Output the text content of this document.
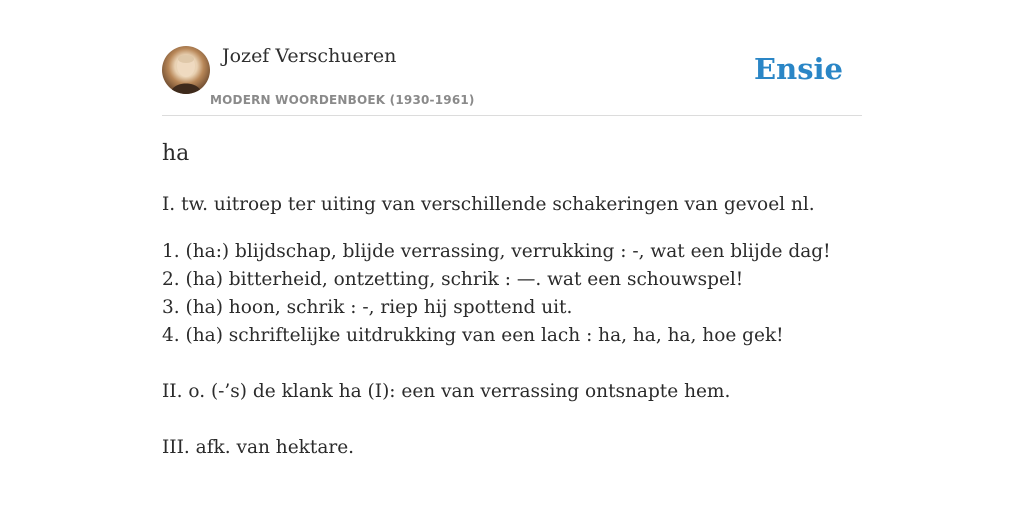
Jozef Verschueren
MODERN WOORDENBOEK (1930-1961)
Ensie
ha
I. tw. uitroep ter uiting van verschillende schakeringen van gevoel nl.
1. (ha:) blijdschap, blijde verrassing, verrukking : -, wat een blijde dag!
2. (ha) bitterheid, ontzetting, schrik : —. wat een schouwspel!
3. (ha) hoon, schrik : -, riep hij spottend uit.
4. (ha) schriftelijke uitdrukking van een lach : ha, ha, ha, hoe gek!
II. o. (-’s) de klank ha (I): een van verrassing ontsnapte hem.
III. afk. van hektare.
